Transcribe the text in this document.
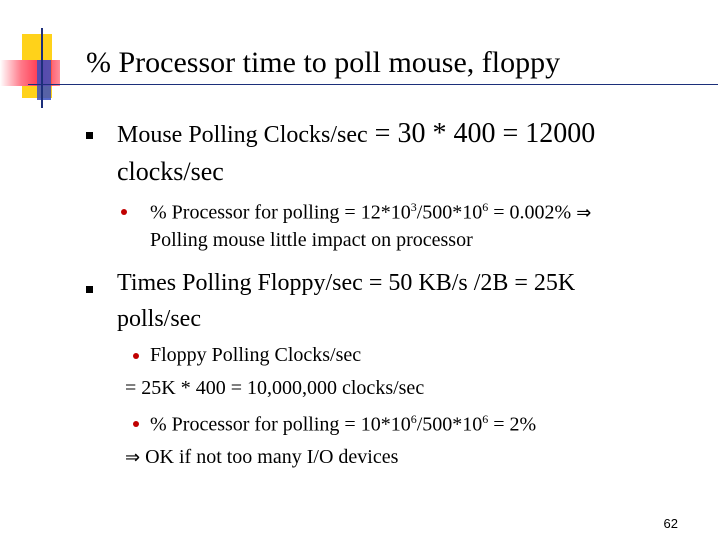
% Processor time to poll mouse, floppy
Mouse Polling Clocks/sec = 30 * 400 = 12000
clocks/sec
% Processor for polling = $12*10^3/500*10^6 = 0.002\%$ ⇒
Polling mouse little impact on processor
Times Polling Floppy/sec = 50 KB/s /2B = 25K
polls/sec
Floppy Polling Clocks/sec
= 25K * 400 = 10,000,000 clocks/sec
% Processor for polling = $10*10^6/500*10^6 = 2\%$
⇒ OK if not too many I/O devices
62
